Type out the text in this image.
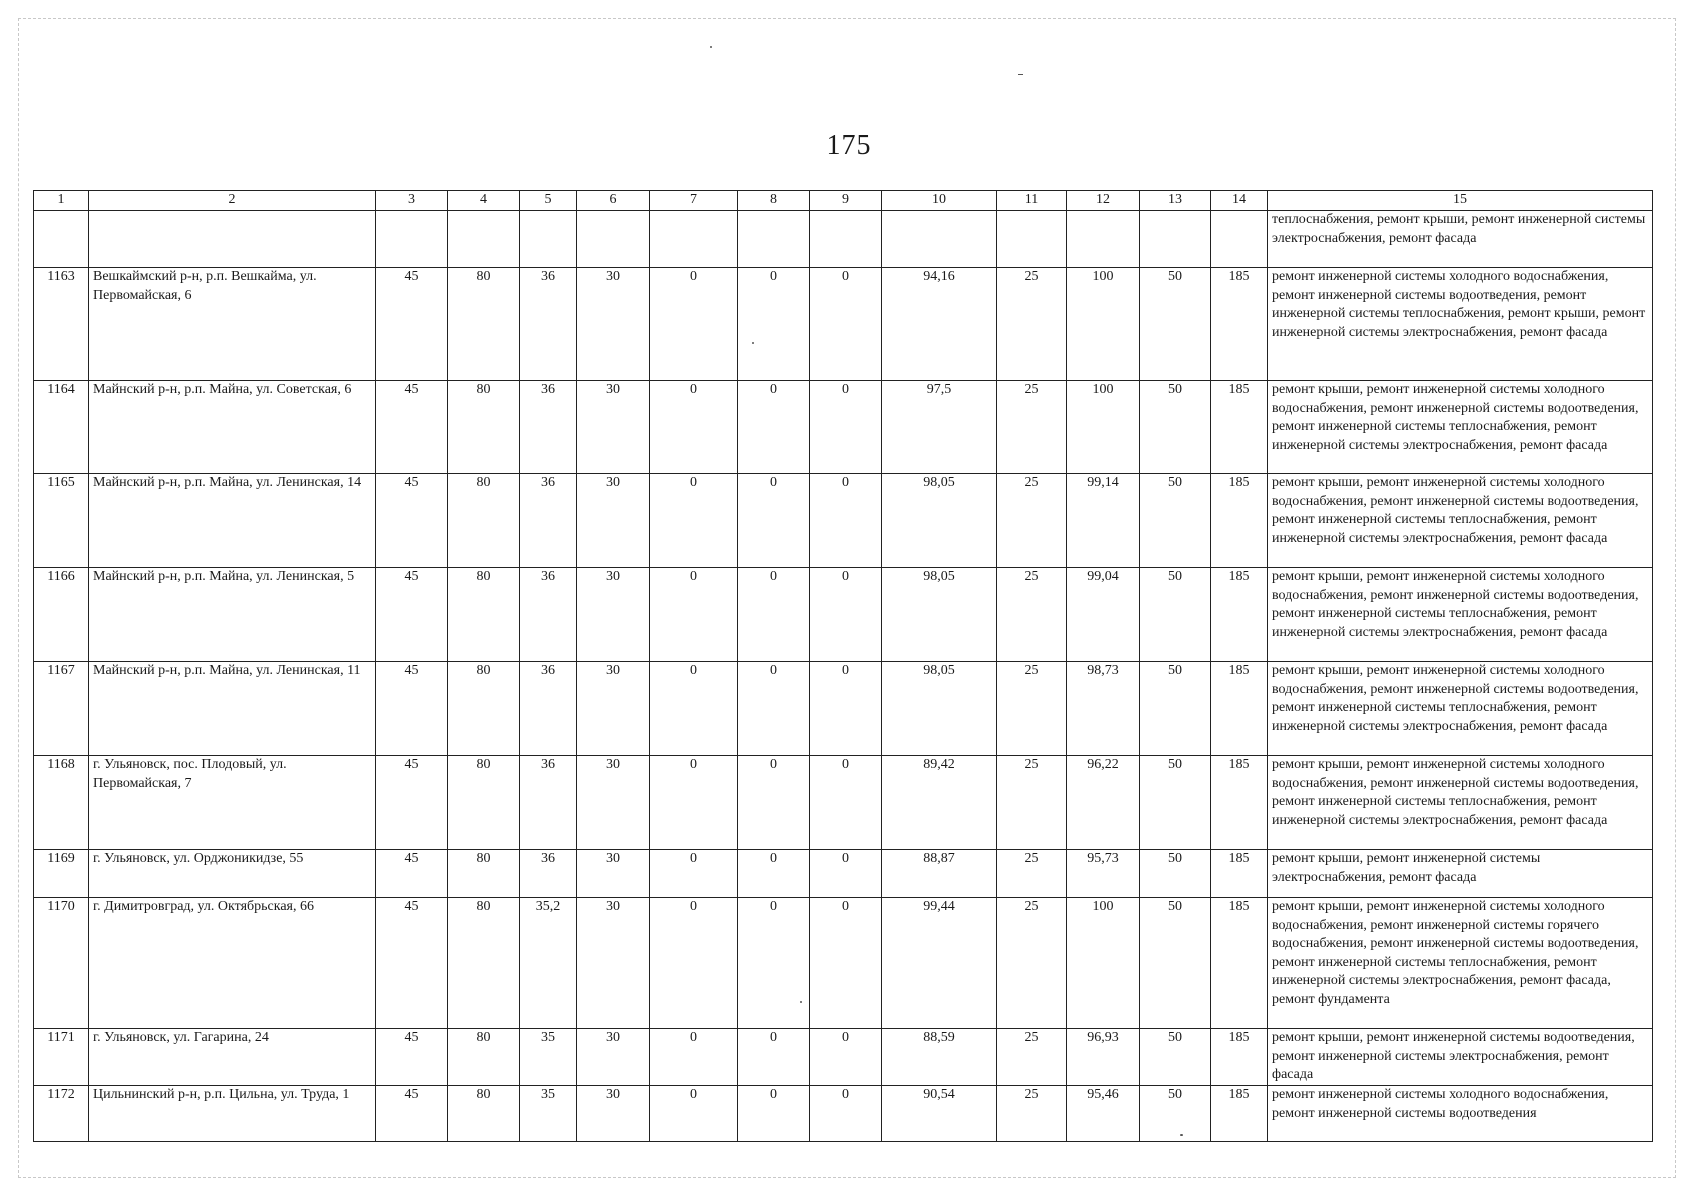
175
1	2	3	4	5	6	7	8	9	10	11	12	13	14	15
														теплоснабжения, ремонт крыши, ремонт инженерной системы электроснабжения, ремонт фасада
1163	Вешкаймский р-н, р.п. Вешкайма, ул. Первомайская, 6	45	80	36	30	0	0	0	94,16	25	100	50	185	ремонт инженерной системы холодного водоснабжения, ремонт инженерной системы водоотведения, ремонт инженерной системы теплоснабжения, ремонт крыши, ремонт инженерной системы электроснабжения, ремонт фасада
1164	Майнский р-н, р.п. Майна, ул. Советская, 6	45	80	36	30	0	0	0	97,5	25	100	50	185	ремонт крыши, ремонт инженерной системы холодного водоснабжения, ремонт инженерной системы водоотведения, ремонт инженерной системы теплоснабжения, ремонт инженерной системы электроснабжения, ремонт фасада
1165	Майнский р-н, р.п. Майна, ул. Ленинская, 14	45	80	36	30	0	0	0	98,05	25	99,14	50	185	ремонт крыши, ремонт инженерной системы холодного водоснабжения, ремонт инженерной системы водоотведения, ремонт инженерной системы теплоснабжения, ремонт инженерной системы электроснабжения, ремонт фасада
1166	Майнский р-н, р.п. Майна, ул. Ленинская, 5	45	80	36	30	0	0	0	98,05	25	99,04	50	185	ремонт крыши, ремонт инженерной системы холодного водоснабжения, ремонт инженерной системы водоотведения, ремонт инженерной системы теплоснабжения, ремонт инженерной системы электроснабжения, ремонт фасада
1167	Майнский р-н, р.п. Майна, ул. Ленинская, 11	45	80	36	30	0	0	0	98,05	25	98,73	50	185	ремонт крыши, ремонт инженерной системы холодного водоснабжения, ремонт инженерной системы водоотведения, ремонт инженерной системы теплоснабжения, ремонт инженерной системы электроснабжения, ремонт фасада
1168	г. Ульяновск, пос. Плодовый, ул. Первомайская, 7	45	80	36	30	0	0	0	89,42	25	96,22	50	185	ремонт крыши, ремонт инженерной системы холодного водоснабжения, ремонт инженерной системы водоотведения, ремонт инженерной системы теплоснабжения, ремонт инженерной системы электроснабжения, ремонт фасада
1169	г. Ульяновск, ул. Орджоникидзе, 55	45	80	36	30	0	0	0	88,87	25	95,73	50	185	ремонт крыши, ремонт инженерной системы электроснабжения, ремонт фасада
1170	г. Димитровград, ул. Октябрьская, 66	45	80	35,2	30	0	0	0	99,44	25	100	50	185	ремонт крыши, ремонт инженерной системы холодного водоснабжения, ремонт инженерной системы горячего водоснабжения, ремонт инженерной системы водоотведения, ремонт инженерной системы теплоснабжения, ремонт инженерной системы электроснабжения, ремонт фасада, ремонт фундамента
1171	г. Ульяновск, ул. Гагарина, 24	45	80	35	30	0	0	0	88,59	25	96,93	50	185	ремонт крыши, ремонт инженерной системы водоотведения, ремонт инженерной системы электроснабжения, ремонт фасада
1172	Цильнинский р-н, р.п. Цильна, ул. Труда, 1	45	80	35	30	0	0	0	90,54	25	95,46	50	185	ремонт инженерной системы холодного водоснабжения, ремонт инженерной системы водоотведения
